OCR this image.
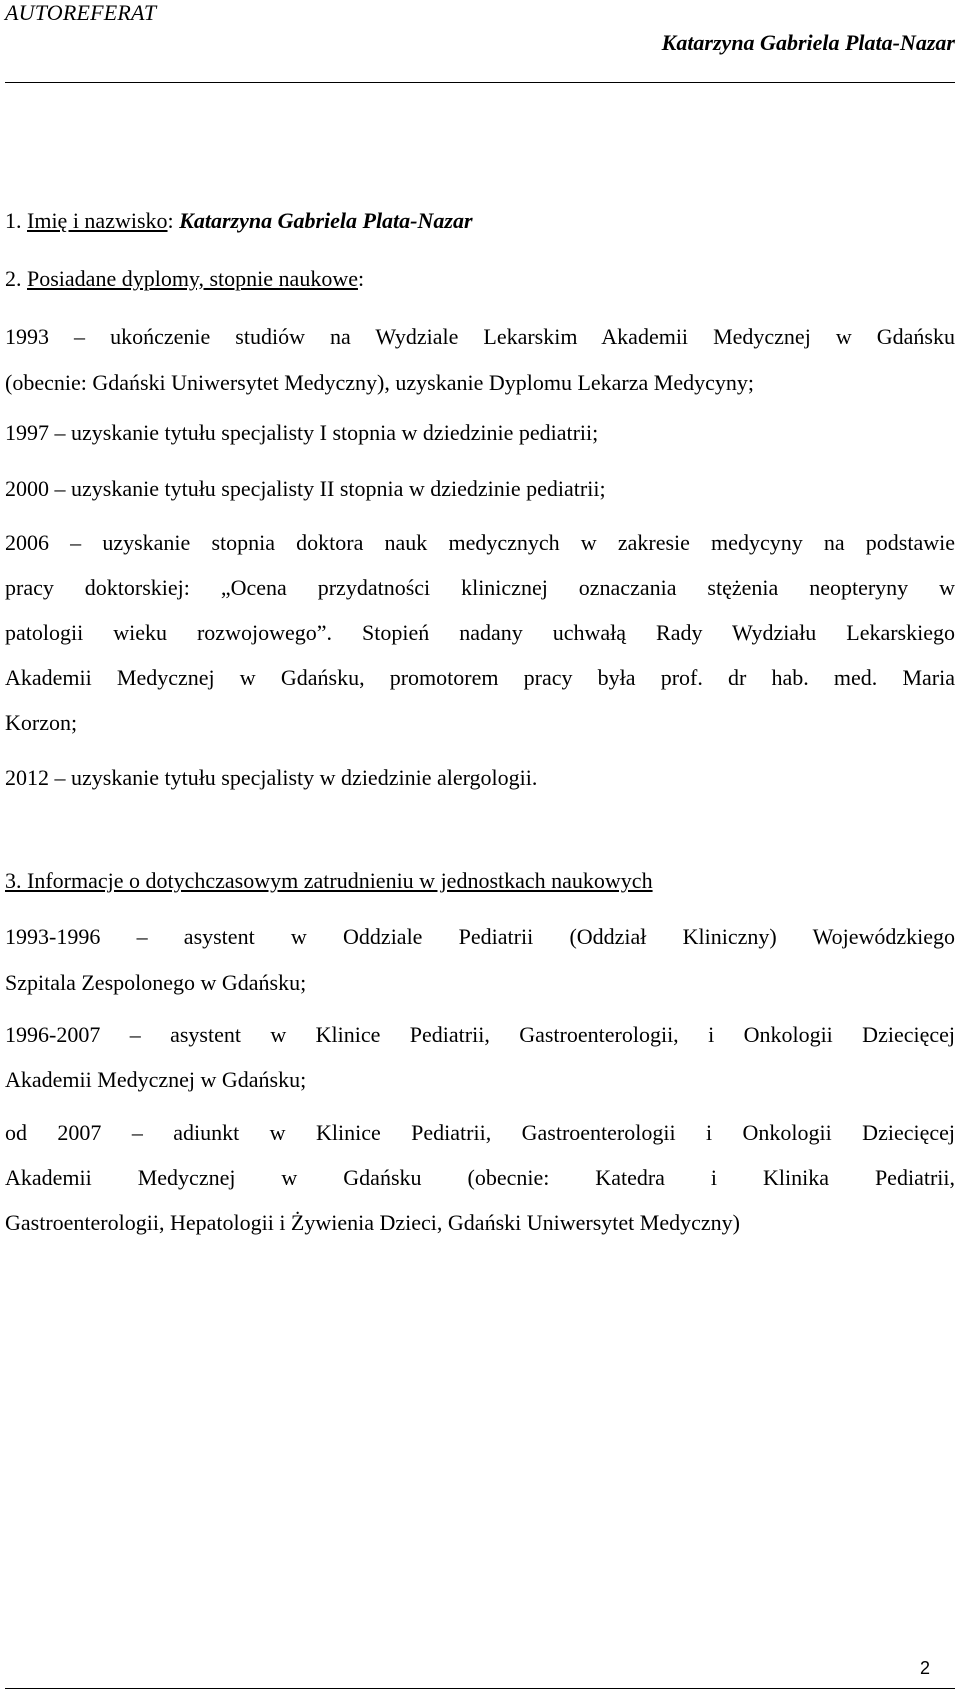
AUTOREFERAT
Katarzyna Gabriela Plata-Nazar
1. Imię i nazwisko: Katarzyna Gabriela Plata-Nazar
2. Posiadane dyplomy, stopnie naukowe:
1993 – ukończenie studiów na Wydziale Lekarskim Akademii Medycznej w Gdańsku
(obecnie: Gdański Uniwersytet Medyczny), uzyskanie Dyplomu Lekarza Medycyny;
1997 – uzyskanie tytułu specjalisty I stopnia w dziedzinie pediatrii;
2000 – uzyskanie tytułu specjalisty II stopnia w dziedzinie pediatrii;
2006 – uzyskanie stopnia doktora nauk medycznych w zakresie medycyny na podstawie
pracy doktorskiej: „Ocena przydatności klinicznej oznaczania stężenia neopteryny w
patologii wieku rozwojowego”. Stopień nadany uchwałą Rady Wydziału Lekarskiego
Akademii Medycznej w Gdańsku, promotorem pracy była prof. dr hab. med. Maria
Korzon;
2012 – uzyskanie tytułu specjalisty w dziedzinie alergologii.
3. Informacje o dotychczasowym zatrudnieniu w jednostkach naukowych
1993-1996 – asystent w Oddziale Pediatrii (Oddział Kliniczny) Wojewódzkiego
Szpitala Zespolonego w Gdańsku;
1996-2007 – asystent w Klinice Pediatrii, Gastroenterologii, i Onkologii Dziecięcej
Akademii Medycznej w Gdańsku;
od 2007 – adiunkt w Klinice Pediatrii, Gastroenterologii i Onkologii Dziecięcej
Akademii Medycznej w Gdańsku (obecnie: Katedra i Klinika Pediatrii,
Gastroenterologii, Hepatologii i Żywienia Dzieci, Gdański Uniwersytet Medyczny)
2
